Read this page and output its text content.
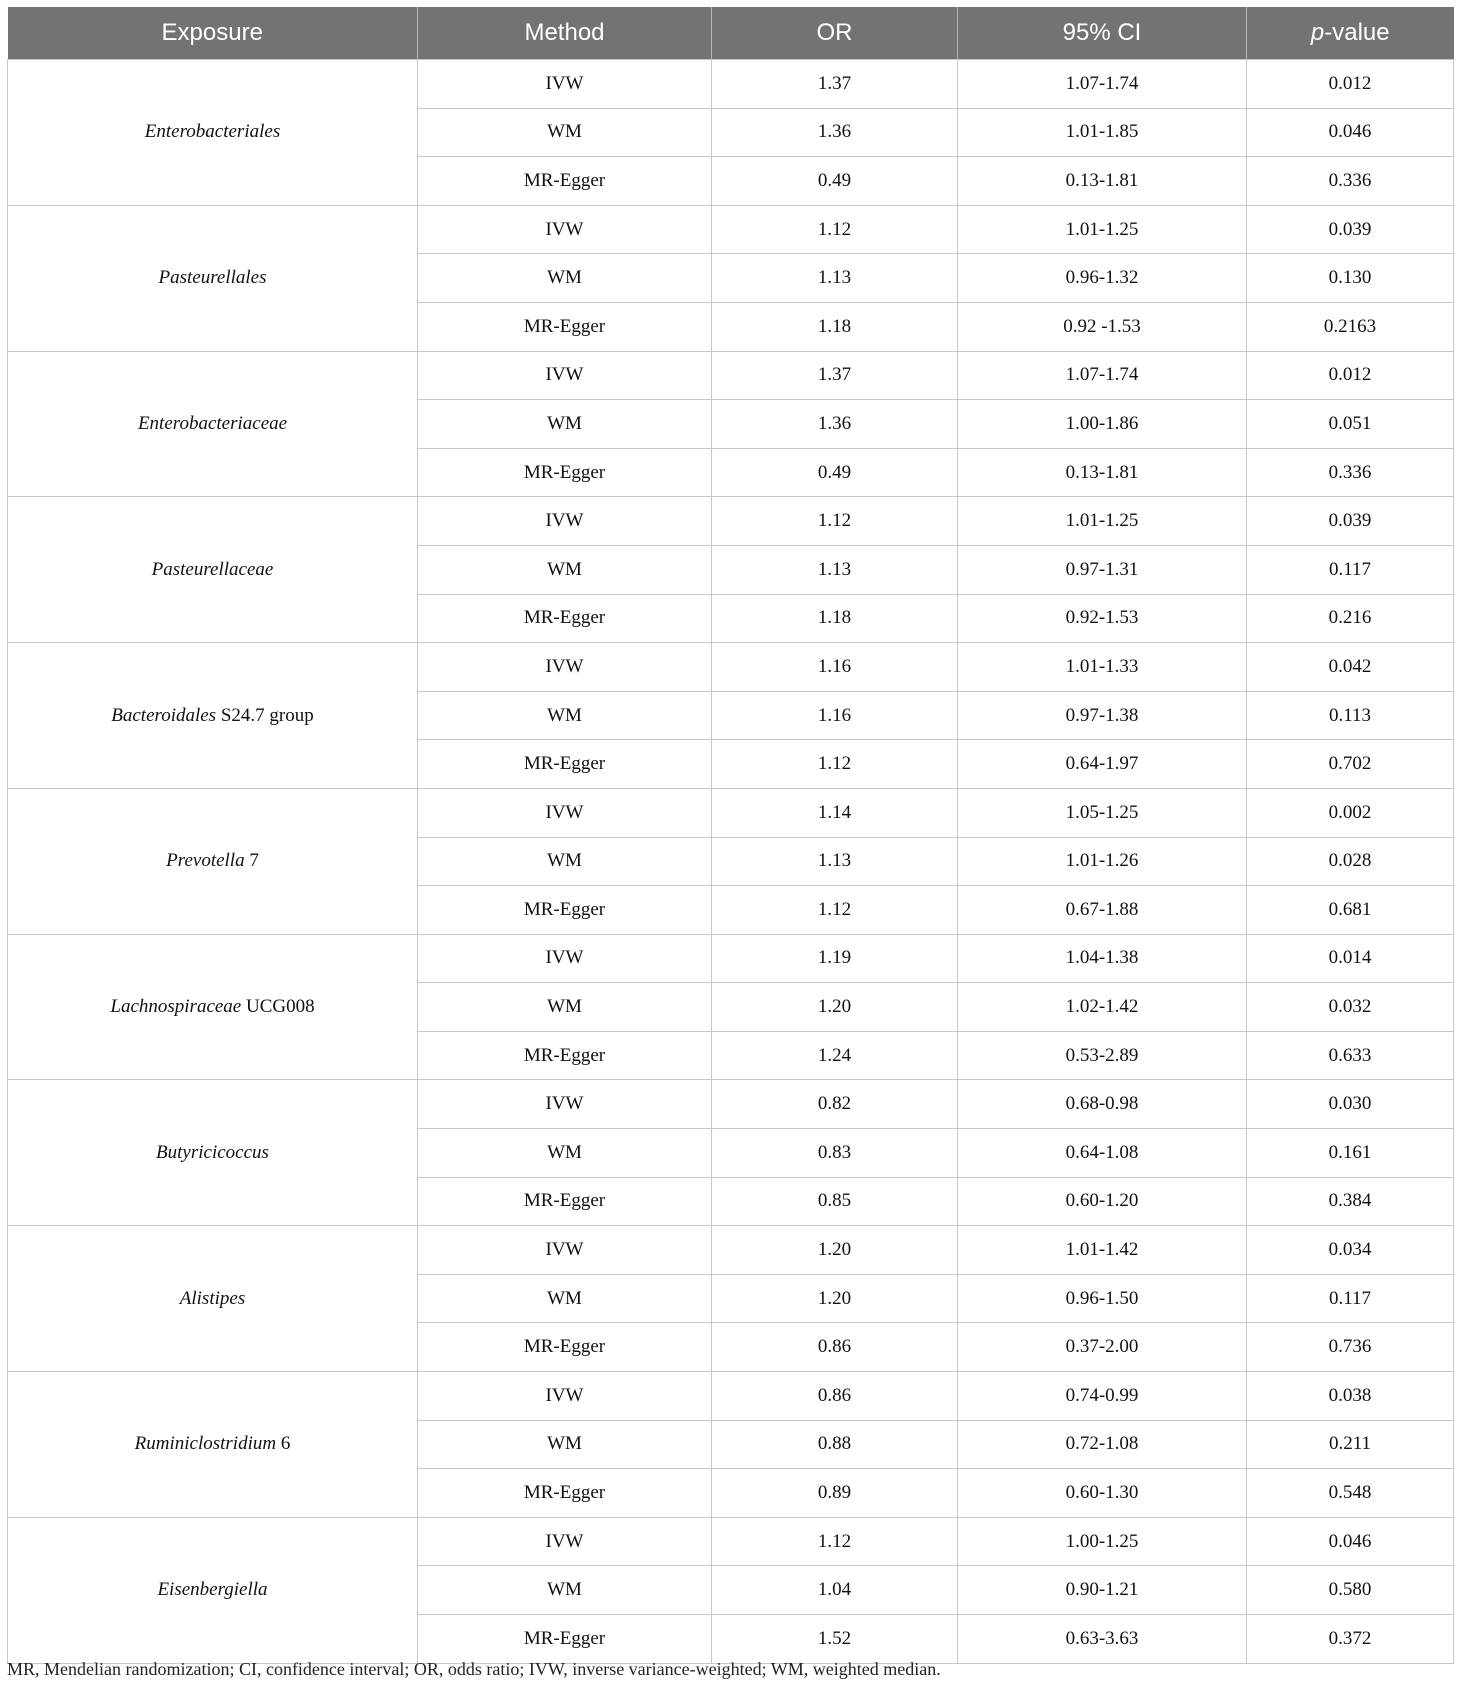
Exposure	Method	OR	95% CI	p-value
Enterobacteriales	IVW	1.37	1.07-1.74	0.012
	WM	1.36	1.01-1.85	0.046
	MR-Egger	0.49	0.13-1.81	0.336
Pasteurellales	IVW	1.12	1.01-1.25	0.039
	WM	1.13	0.96-1.32	0.130
	MR-Egger	1.18	0.92 -1.53	0.2163
Enterobacteriaceae	IVW	1.37	1.07-1.74	0.012
	WM	1.36	1.00-1.86	0.051
	MR-Egger	0.49	0.13-1.81	0.336
Pasteurellaceae	IVW	1.12	1.01-1.25	0.039
	WM	1.13	0.97-1.31	0.117
	MR-Egger	1.18	0.92-1.53	0.216
Bacteroidales S24.7 group	IVW	1.16	1.01-1.33	0.042
	WM	1.16	0.97-1.38	0.113
	MR-Egger	1.12	0.64-1.97	0.702
Prevotella 7	IVW	1.14	1.05-1.25	0.002
	WM	1.13	1.01-1.26	0.028
	MR-Egger	1.12	0.67-1.88	0.681
Lachnospiraceae UCG008	IVW	1.19	1.04-1.38	0.014
	WM	1.20	1.02-1.42	0.032
	MR-Egger	1.24	0.53-2.89	0.633
Butyricicoccus	IVW	0.82	0.68-0.98	0.030
	WM	0.83	0.64-1.08	0.161
	MR-Egger	0.85	0.60-1.20	0.384
Alistipes	IVW	1.20	1.01-1.42	0.034
	WM	1.20	0.96-1.50	0.117
	MR-Egger	0.86	0.37-2.00	0.736
Ruminiclostridium 6	IVW	0.86	0.74-0.99	0.038
	WM	0.88	0.72-1.08	0.211
	MR-Egger	0.89	0.60-1.30	0.548
Eisenbergiella	IVW	1.12	1.00-1.25	0.046
	WM	1.04	0.90-1.21	0.580
	MR-Egger	1.52	0.63-3.63	0.372
MR, Mendelian randomization; CI, confidence interval; OR, odds ratio; IVW, inverse variance-weighted; WM, weighted median.
